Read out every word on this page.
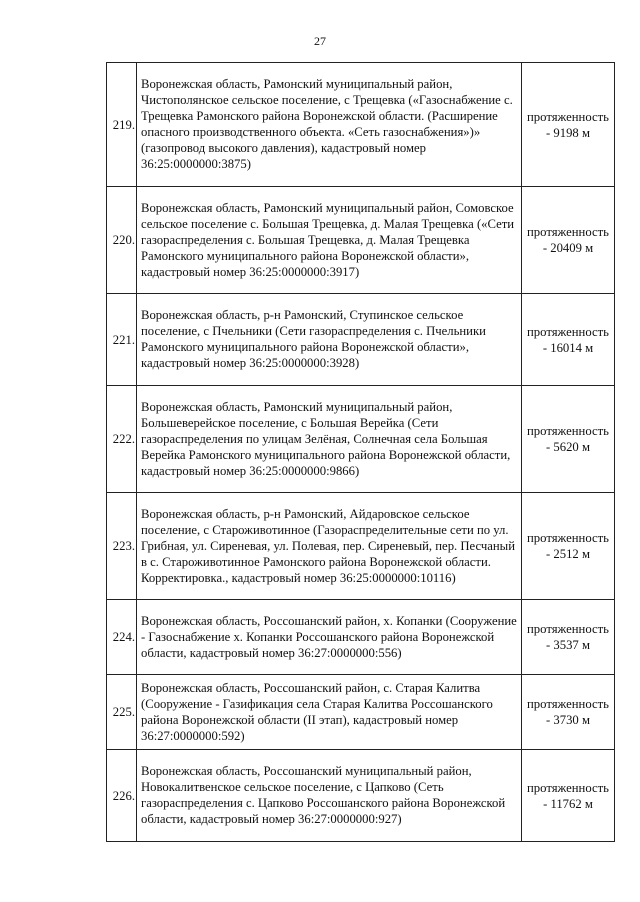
27
219.	Воронежская область, Рамонский муниципальный район, Чистополянское сельское поселение, с Трещевка («Газоснабжение с. Трещевка Рамонского района Воронежской области. (Расширение опасного производственного объекта. «Сеть газоснабжения»)» (газопровод высокого давления), кадастровый номер 36:25:0000000:3875)	протяженность
- 9198 м

220.	Воронежская область, Рамонский муниципальный район, Сомовское сельское поселение с. Большая Трещевка, д. Малая Трещевка («Сети газораспределения с. Большая Трещевка, д. Малая Трещевка Рамонского муниципального района Воронежской области», кадастровый номер 36:25:0000000:3917)	протяженность
- 20409 м

221.	Воронежская область, р-н Рамонский, Ступинское сельское поселение, с Пчельники (Сети газораспределения с. Пчельники Рамонского муниципального района Воронежской области», кадастровый номер 36:25:0000000:3928)	протяженность
- 16014 м

222.	Воронежская область, Рамонский муниципальный район, Большеверейское поселение, с Большая Верейка (Сети газораспределения по улицам Зелёная, Солнечная села Большая Верейка Рамонского муниципального района Воронежской области, кадастровый номер 36:25:0000000:9866)	протяженность
- 5620 м

223.	Воронежская область, р-н Рамонский, Айдаровское сельское поселение, с Староживотинное (Газораспределительные сети по ул. Грибная, ул. Сиреневая, ул. Полевая, пер. Сиреневый, пер. Песчаный в с. Староживотинное Рамонского района Воронежской области. Корректировка., кадастровый номер 36:25:0000000:10116)	протяженность
- 2512 м

224.	Воронежская область, Россошанский район, х. Копанки (Сооружение - Газоснабжение х. Копанки Россошанского района Воронежской области, кадастровый номер 36:27:0000000:556)	протяженность
- 3537 м

225.	Воронежская область, Россошанский район, с. Старая Калитва (Сооружение - Газификация села Старая Калитва Россошанского района Воронежской области (II этап), кадастровый номер 36:27:0000000:592)	протяженность
- 3730 м

226.	Воронежская область, Россошанский муниципальный район, Новокалитвенское сельское поселение, с Цапково (Сеть газораспределения с. Цапково Россошанского района Воронежской области, кадастровый номер 36:27:0000000:927)	протяженность
- 11762 м
